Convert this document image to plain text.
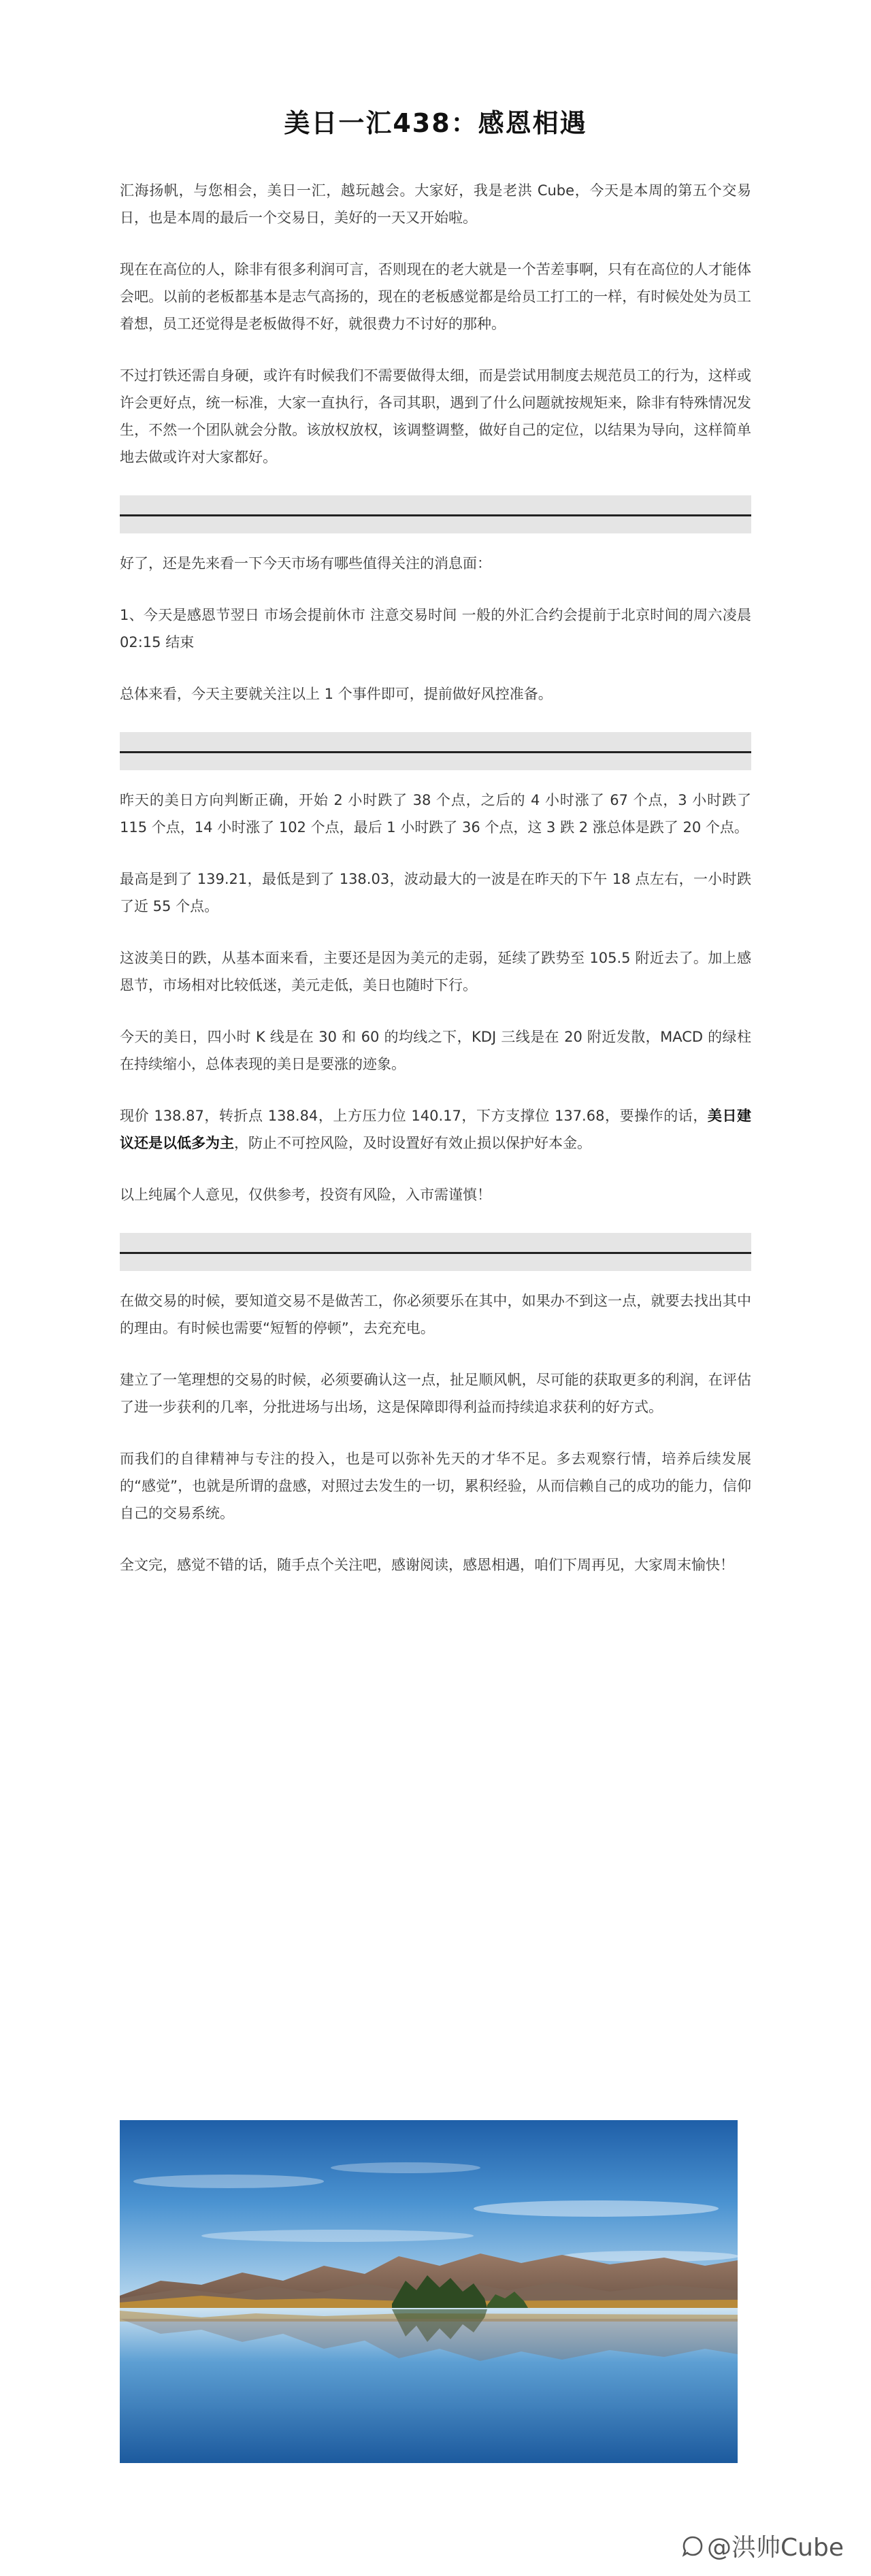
美日一汇438：感恩相遇

汇海扬帆，与您相会，美日一汇，越玩越会。大家好，我是老洪 Cube，今天是本周的第五个交易日，也是本周的最后一个交易日，美好的一天又开始啦。

现在在高位的人，除非有很多利润可言，否则现在的老大就是一个苦差事啊，只有在高位的人才能体会吧。以前的老板都基本是志气高扬的，现在的老板感觉都是给员工打工的一样，有时候处处为员工着想，员工还觉得是老板做得不好，就很费力不讨好的那种。

不过打铁还需自身硬，或许有时候我们不需要做得太细，而是尝试用制度去规范员工的行为，这样或许会更好点，统一标准，大家一直执行，各司其职，遇到了什么问题就按规矩来，除非有特殊情况发生，不然一个团队就会分散。该放权放权，该调整调整，做好自己的定位，以结果为导向，这样简单地去做或许对大家都好。

好了，还是先来看一下今天市场有哪些值得关注的消息面：

1、今天是感恩节翌日 市场会提前休市 注意交易时间 一般的外汇合约会提前于北京时间的周六凌晨 02:15 结束

总体来看，今天主要就关注以上 1 个事件即可，提前做好风控准备。

昨天的美日方向判断正确，开始 2 小时跌了 38 个点，之后的 4 小时涨了 67 个点，3 小时跌了 115 个点，14 小时涨了 102 个点，最后 1 小时跌了 36 个点，这 3 跌 2 涨总体是跌了 20 个点。

最高是到了 139.21，最低是到了 138.03，波动最大的一波是在昨天的下午 18 点左右，一小时跌了近 55 个点。

这波美日的跌，从基本面来看，主要还是因为美元的走弱，延续了跌势至 105.5 附近去了。加上感恩节，市场相对比较低迷，美元走低，美日也随时下行。

今天的美日，四小时 K 线是在 30 和 60 的均线之下，KDJ 三线是在 20 附近发散，MACD 的绿柱在持续缩小，总体表现的美日是要涨的迹象。

现价 138.87，转折点 138.84，上方压力位 140.17，下方支撑位 137.68，要操作的话，美日建议还是以低多为主，防止不可控风险，及时设置好有效止损以保护好本金。

以上纯属个人意见，仅供参考，投资有风险，入市需谨慎！

在做交易的时候，要知道交易不是做苦工，你必须要乐在其中，如果办不到这一点，就要去找出其中的理由。有时候也需要“短暂的停顿”，去充充电。

建立了一笔理想的交易的时候，必须要确认这一点，扯足顺风帆，尽可能的获取更多的利润，在评估了进一步获利的几率，分批进场与出场，这是保障即得利益而持续追求获利的好方式。

而我们的自律精神与专注的投入，也是可以弥补先天的才华不足。多去观察行情，培养后续发展的“感觉”，也就是所谓的盘感，对照过去发生的一切，累积经验，从而信赖自己的成功的能力，信仰自己的交易系统。

全文完，感觉不错的话，随手点个关注吧，感谢阅读，感恩相遇，咱们下周再见，大家周末愉快！

@洪帅Cube
